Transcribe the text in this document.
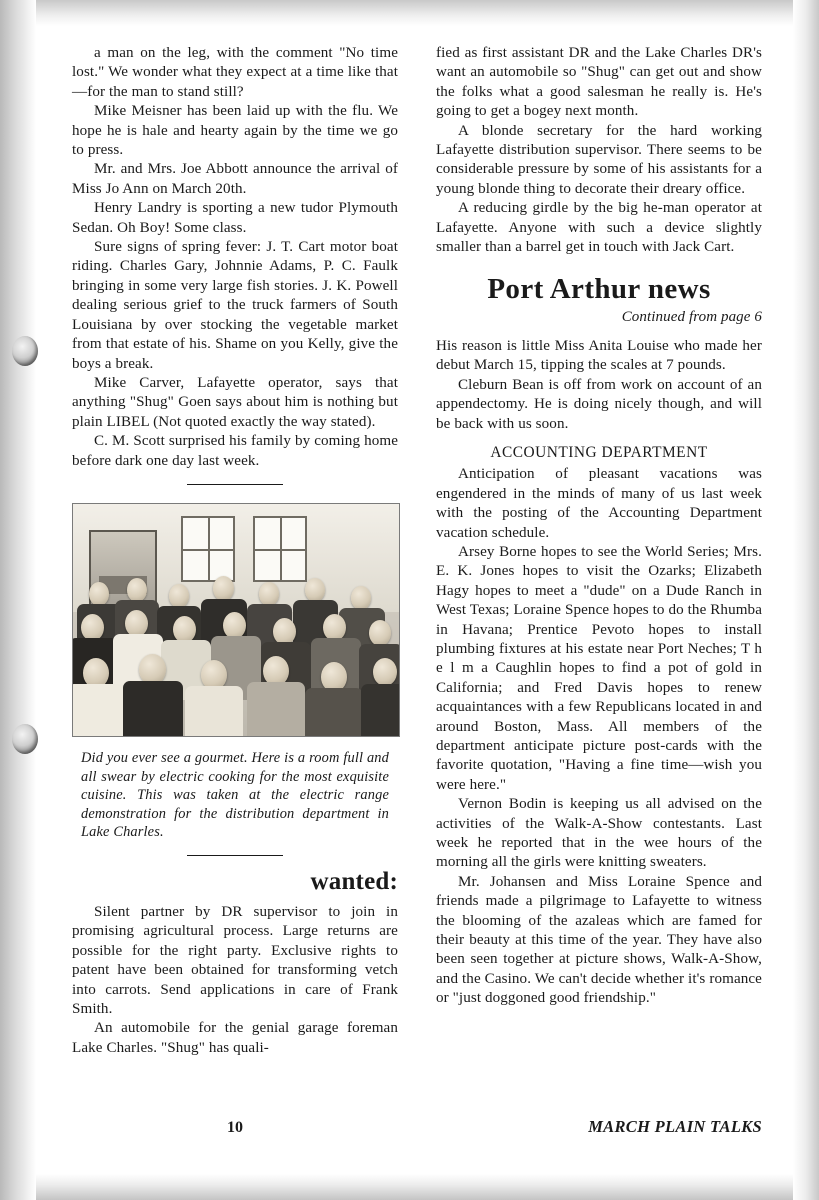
a man on the leg, with the comment "No time lost." We wonder what they expect at a time like that—for the man to stand still?

Mike Meisner has been laid up with the flu. We hope he is hale and hearty again by the time we go to press.

Mr. and Mrs. Joe Abbott announce the arrival of Miss Jo Ann on March 20th.

Henry Landry is sporting a new tudor Plymouth Sedan. Oh Boy! Some class.

Sure signs of spring fever: J. T. Cart motor boat riding. Charles Gary, Johnnie Adams, P. C. Faulk bringing in some very large fish stories. J. K. Powell dealing serious grief to the truck farmers of South Louisiana by over stocking the vegetable market from that estate of his. Shame on you Kelly, give the boys a break.

Mike Carver, Lafayette operator, says that anything "Shug" Goen says about him is nothing but plain LIBEL (Not quoted exactly the way stated).

C. M. Scott surprised his family by coming home before dark one day last week.

Did you ever see a gourmet. Here is a room full and all swear by electric cooking for the most exquisite cuisine. This was taken at the electric range demonstration for the distribution department in Lake Charles.

wanted:

Silent partner by DR supervisor to join in promising agricultural process. Large returns are possible for the right party. Exclusive rights to patent have been obtained for transforming vetch into carrots. Send applications in care of Frank Smith.

An automobile for the genial garage foreman Lake Charles. "Shug" has quali-

fied as first assistant DR and the Lake Charles DR's want an automobile so "Shug" can get out and show the folks what a good salesman he really is. He's going to get a bogey next month.

A blonde secretary for the hard working Lafayette distribution supervisor. There seems to be considerable pressure by some of his assistants for a young blonde thing to decorate their dreary office.

A reducing girdle by the big he-man operator at Lafayette. Anyone with such a device slightly smaller than a barrel get in touch with Jack Cart.

Port Arthur news

Continued from page 6

His reason is little Miss Anita Louise who made her debut March 15, tipping the scales at 7 pounds.

Cleburn Bean is off from work on account of an appendectomy. He is doing nicely though, and will be back with us soon.

ACCOUNTING DEPARTMENT

Anticipation of pleasant vacations was engendered in the minds of many of us last week with the posting of the Accounting Department vacation schedule.

Arsey Borne hopes to see the World Series; Mrs. E. K. Jones hopes to visit the Ozarks; Elizabeth Hagy hopes to meet a "dude" on a Dude Ranch in West Texas; Loraine Spence hopes to do the Rhumba in Havana; Prentice Pevoto hopes to install plumbing fixtures at his estate near Port Neches; T h e l m a Caughlin hopes to find a pot of gold in California; and Fred Davis hopes to renew acquaintances with a few Republicans located in and around Boston, Mass. All members of the department anticipate picture post-cards with the favorite quotation, "Having a fine time—wish you were here."

Vernon Bodin is keeping us all advised on the activities of the Walk-A-Show contestants. Last week he reported that in the wee hours of the morning all the girls were knitting sweaters.

Mr. Johansen and Miss Loraine Spence and friends made a pilgrimage to Lafayette to witness the blooming of the azaleas which are famed for their beauty at this time of the year. They have also been seen together at picture shows, Walk-A-Show, and the Casino. We can't decide whether it's romance or "just doggoned good friendship."

10	MARCH PLAIN TALKS
